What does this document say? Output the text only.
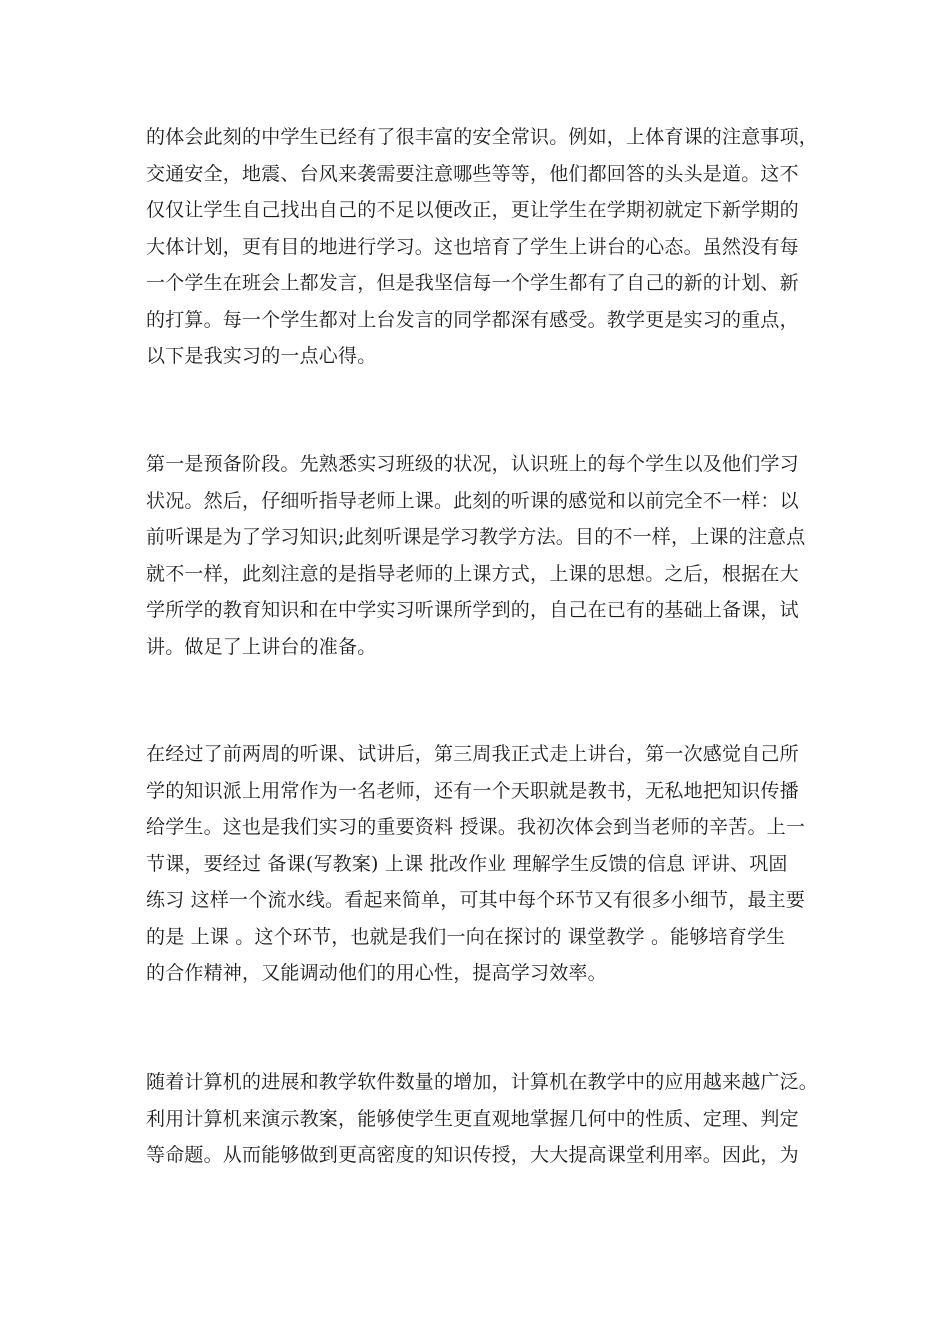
的体会此刻的中学生已经有了很丰富的安全常识。例如，上体育课的注意事项，
交通安全，地震、台风来袭需要注意哪些等等，他们都回答的头头是道。这不
仅仅让学生自己找出自己的不足以便改正，更让学生在学期初就定下新学期的
大体计划，更有目的地进行学习。这也培育了学生上讲台的心态。虽然没有每
一个学生在班会上都发言，但是我坚信每一个学生都有了自己的新的计划、新
的打算。每一个学生都对上台发言的同学都深有感受。教学更是实习的重点，
以下是我实习的一点心得。
第一是预备阶段。先熟悉实习班级的状况，认识班上的每个学生以及他们学习
状况。然后，仔细听指导老师上课。此刻的听课的感觉和以前完全不一样：以
前听课是为了学习知识;此刻听课是学习教学方法。目的不一样，上课的注意点
就不一样，此刻注意的是指导老师的上课方式，上课的思想。之后，根据在大
学所学的教育知识和在中学实习听课所学到的，自己在已有的基础上备课，试
讲。做足了上讲台的准备。
在经过了前两周的听课、试讲后，第三周我正式走上讲台，第一次感觉自己所
学的知识派上用常作为一名老师，还有一个天职就是教书，无私地把知识传播
给学生。这也是我们实习的重要资料 授课。我初次体会到当老师的辛苦。上一
节课，要经过 备课(写教案) 上课 批改作业 理解学生反馈的信息 评讲、巩固
练习 这样一个流水线。看起来简单，可其中每个环节又有很多小细节，最主要
的是 上课 。这个环节，也就是我们一向在探讨的 课堂教学 。能够培育学生
的合作精神，又能调动他们的用心性，提高学习效率。
随着计算机的进展和教学软件数量的增加，计算机在教学中的应用越来越广泛。
利用计算机来演示教案，能够使学生更直观地掌握几何中的性质、定理、判定
等命题。从而能够做到更高密度的知识传授，大大提高课堂利用率。因此，为
